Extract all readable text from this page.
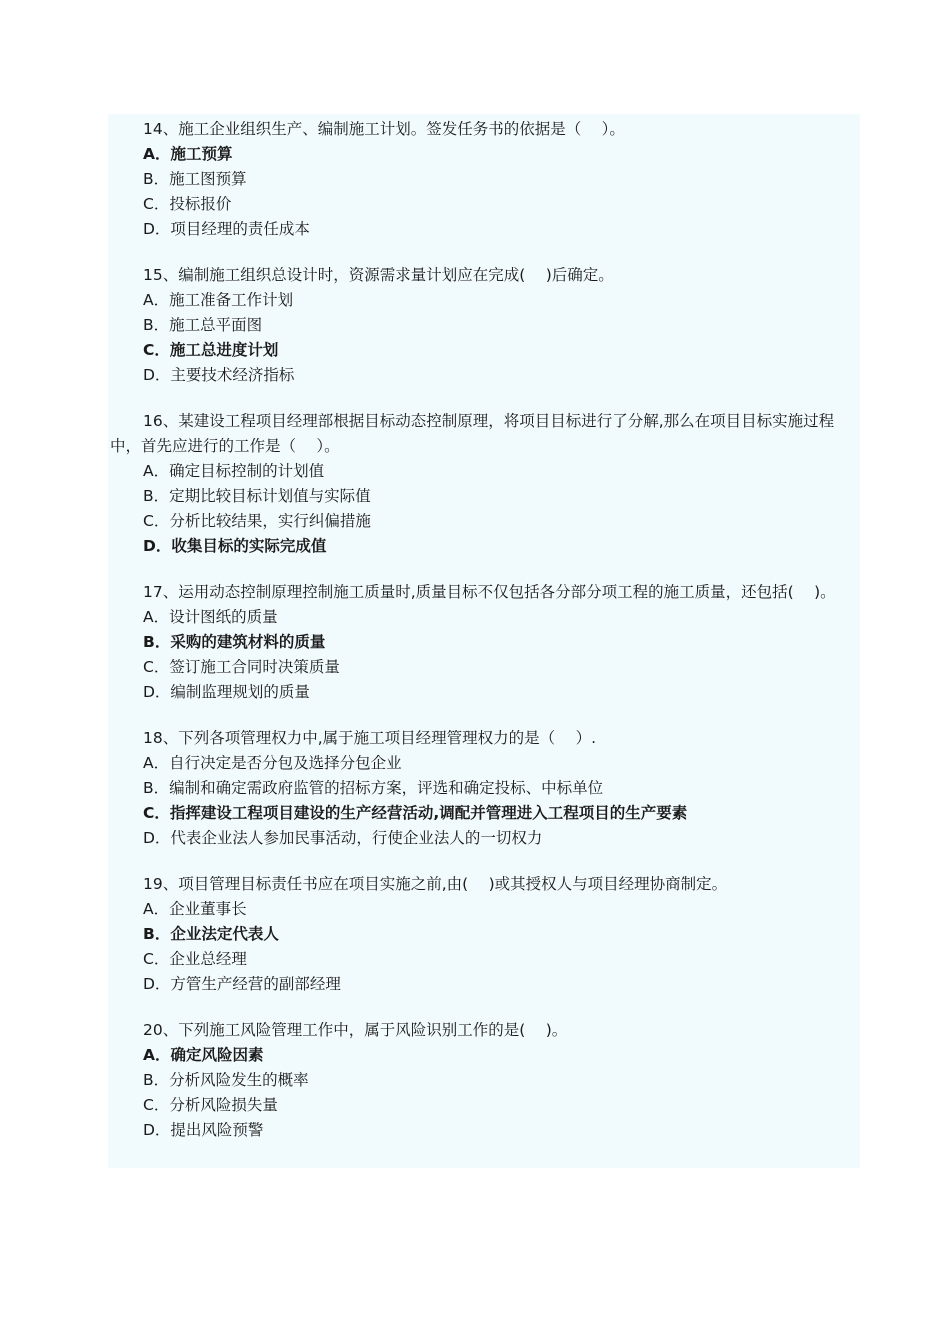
14、施工企业组织生产、编制施工计划。签发任务书的依据是（　 ）。

A．施工预算

B．施工图预算

C．投标报价

D．项目经理的责任成本

15、编制施工组织总设计时，资源需求量计划应在完成(　 )后确定。

A．施工准备工作计划

B．施工总平面图

C．施工总进度计划

D．主要技术经济指标

16、某建设工程项目经理部根据目标动态控制原理，将项目目标进行了分解,那么在项目目标实施过程中，首先应进行的工作是（　 ）。

A．确定目标控制的计划值

B．定期比较目标计划值与实际值

C．分析比较结果，实行纠偏措施

D．收集目标的实际完成值

17、运用动态控制原理控制施工质量时,质量目标不仅包括各分部分项工程的施工质量，还包括(　 )。

A．设计图纸的质量

B．采购的建筑材料的质量

C．签订施工合同时决策质量

D．编制监理规划的质量

18、下列各项管理权力中,属于施工项目经理管理权力的是（　 ）.

A．自行决定是否分包及选择分包企业

B．编制和确定需政府监管的招标方案，评选和确定投标、中标单位

C．指挥建设工程项目建设的生产经营活动,调配并管理进入工程项目的生产要素

D．代表企业法人参加民事活动，行使企业法人的一切权力

19、项目管理目标责任书应在项目实施之前,由(　 )或其授权人与项目经理协商制定。

A．企业董事长

B．企业法定代表人

C．企业总经理

D．方管生产经营的副部经理

20、下列施工风险管理工作中，属于风险识别工作的是(　 )。

A．确定风险因素

B．分析风险发生的概率

C．分析风险损失量

D．提出风险预警
